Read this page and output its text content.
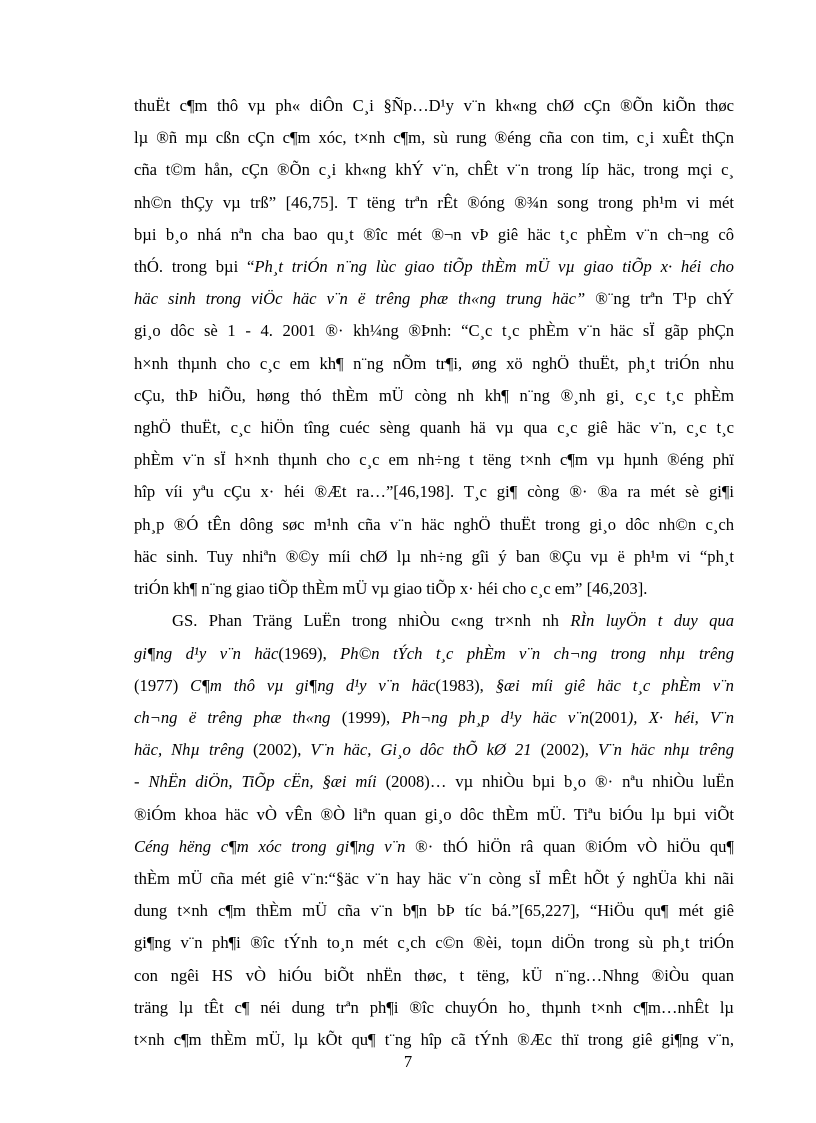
thuËt c¶m thô vµ ph« diÔn C¸i §Ñp…D¹y v¨n kh«ng chØ cÇn ®Õn kiÕn thøc
lµ ®ñ mµ cßn cÇn c¶m xóc, t×nh c¶m, sù rung ®éng cña con tim, c¸i xuÊt thÇn
cña t©m hån, cÇn ®Õn c¸i kh«ng khÝ v¨n, chÊt v¨n trong líp häc, trong mçi c¸
nh©n thÇy vµ trß” [46,75]. T tëng trªn rÊt ®óng ®¾n song trong ph¹m vi mét
bµi b¸o nhá nªn cha bao qu¸t ®îc mét ®¬n vÞ giê häc t¸c phÈm v¨n ch¬ng cô
thÓ. trong bµi “Ph¸t triÓn n¨ng lùc giao tiÕp thÈm mÜ vµ giao tiÕp x· héi cho
häc sinh trong viÖc häc v¨n ë trêng phæ th«ng trung häc” ®¨ng trªn T¹p chÝ
gi¸o dôc sè 1 - 4. 2001 ®· kh¼ng ®Þnh: “C¸c t¸c phÈm v¨n häc sÏ gãp phÇn
h×nh thµnh cho c¸c em kh¶ n¨ng nÕm tr¶i, øng xö nghÖ thuËt, ph¸t triÓn nhu
cÇu, thÞ hiÕu, høng thó thÈm mÜ còng nh kh¶ n¨ng ®¸nh gi¸ c¸c t¸c phÈm
nghÖ thuËt, c¸c hiÖn tîng cuéc sèng quanh hä vµ qua c¸c giê häc v¨n, c¸c t¸c
phÈm v¨n sÏ h×nh thµnh cho c¸c em nh÷ng t tëng t×nh c¶m vµ hµnh ®éng phï
hîp víi yªu cÇu x· héi ®Æt ra…”[46,198]. T¸c gi¶ còng ®· ®a ra mét sè gi¶i
ph¸p ®Ó tÊn dông søc m¹nh cña v¨n häc nghÖ thuËt trong gi¸o dôc nh©n c¸ch
häc sinh. Tuy nhiªn ®©y míi chØ lµ nh÷ng gîi ý ban ®Çu vµ ë ph¹m vi “ph¸t
triÓn kh¶ n¨ng giao tiÕp thÈm mÜ vµ giao tiÕp x· héi cho c¸c em” [46,203].
GS. Phan Träng LuËn trong nhiÒu c«ng tr×nh nh RÌn luyÖn t duy qua
gi¶ng d¹y v¨n häc(1969), Ph©n tÝch t¸c phÈm v¨n ch¬ng trong nhµ trêng
(1977) C¶m thô vµ gi¶ng d¹y v¨n häc(1983), §æi míi giê häc t¸c phÈm v¨n
ch¬ng ë trêng phæ th«ng (1999), Ph¬ng ph¸p d¹y häc v¨n(2001), X· héi, V¨n
häc, Nhµ trêng (2002), V¨n häc, Gi¸o dôc thÕ kØ 21 (2002), V¨n häc nhµ trêng
- NhËn diÖn, TiÕp cËn, §æi míi (2008)… vµ nhiÒu bµi b¸o ®· nªu nhiÒu luËn
®iÓm khoa häc vÒ vÊn ®Ò liªn quan gi¸o dôc thÈm mÜ. Tiªu biÓu lµ bµi viÕt
Céng hëng c¶m xóc trong gi¶ng v¨n ®· thÓ hiÖn râ quan ®iÓm vÒ hiÖu qu¶
thÈm mÜ cña mét giê v¨n:“§äc v¨n hay häc v¨n còng sÏ mÊt hÕt ý nghÜa khi nãi
dung t×nh c¶m thÈm mÜ cña v¨n b¶n bÞ tíc bá.”[65,227], “HiÖu qu¶ mét giê
gi¶ng v¨n ph¶i ®îc tÝnh to¸n mét c¸ch c©n ®èi, toµn diÖn trong sù ph¸t triÓn
con ngêi HS vÒ hiÓu biÕt nhËn thøc, t tëng, kÜ n¨ng…Nhng ®iÒu quan
träng lµ tÊt c¶ néi dung trªn ph¶i ®îc chuyÓn ho¸ thµnh t×nh c¶m…nhÊt lµ
t×nh c¶m thÈm mÜ, lµ kÕt qu¶ t¨ng hîp cã tÝnh ®Æc thï trong giê gi¶ng v¨n,
7
